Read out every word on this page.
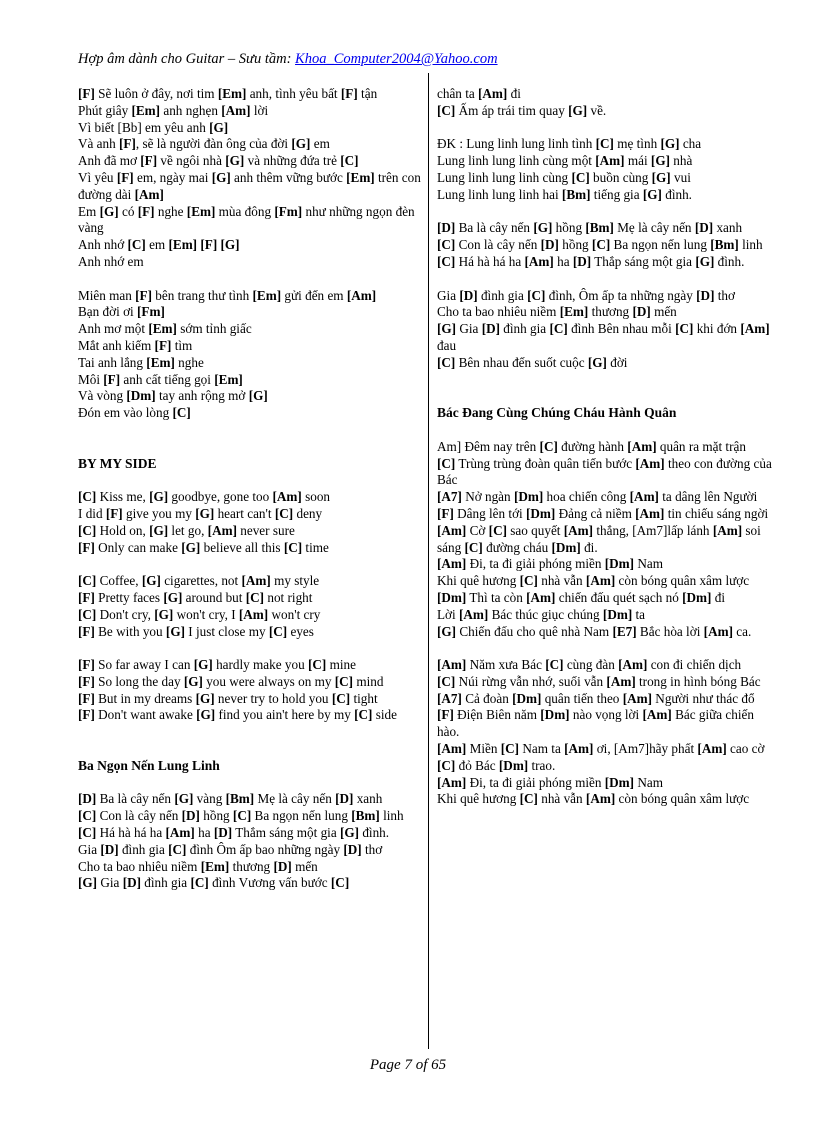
Hợp âm dành cho Guitar – Sưu tầm: Khoa_Computer2004@Yahoo.com
[F] Sẽ luôn ở đây, nơi tim [Em] anh, tình yêu bất [F] tận
Phút giây [Em] anh nghẹn [Am] lời
Vì biết [Bb] em yêu anh [G]
Và anh [F], sẽ là người đàn ông của đời [G] em
Anh đã mơ [F] về ngôi nhà [G] và những đứa trẻ [C]
Vì yêu [F] em, ngày mai [G] anh thêm vững bước [Em] trên con đường dài [Am]
Em [G] có [F] nghe [Em] mùa đông [Fm] như những ngọn đèn vàng
Anh nhớ [C] em [Em] [F] [G]
Anh nhớ em
Miên man [F] bên trang thư tình [Em] gửi đến em [Am]
Bạn đời ơi [Fm]
Anh mơ một [Em] sớm tỉnh giấc
Mắt anh kiếm [F] tìm
Tai anh lắng [Em] nghe
Môi [F] anh cất tiếng gọi [Em]
Và vòng [Dm] tay anh rộng mở [G]
Đón em vào lòng [C]
BY MY SIDE
[C] Kiss me, [G] goodbye, gone too [Am] soon
I did [F] give you my [G] heart can't [C] deny
[C] Hold on, [G] let go, [Am] never sure
[F] Only can make [G] believe all this [C] time
[C] Coffee, [G] cigarettes, not [Am] my style
[F] Pretty faces [G] around but [C] not right
[C] Don't cry, [G] won't cry, I [Am] won't cry
[F] Be with you [G] I just close my [C] eyes
[F] So far away I can [G] hardly make you [C] mine
[F] So long the day [G] you were always on my [C] mind
[F] But in my dreams [G] never try to hold you [C] tight
[F] Don't want awake [G] find you ain't here by my [C] side
Ba Ngọn Nến Lung Linh
[D] Ba là cây nến [G] vàng [Bm] Mẹ là cây nến [D] xanh
[C] Con là cây nến [D] hồng [C] Ba ngọn nến lung [Bm] linh
[C] Há hà há ha [Am] ha [D] Thắm sáng một gia [G] đình.
Gia [D] đình gia [C] đình Ôm ấp bao những ngày [D] thơ
Cho ta bao nhiêu niềm [Em] thương [D] mến
[G] Gia [D] đình gia [C] đình Vương vấn bước [C]
chân ta [Am] đi
[C] Ấm áp trái tim quay [G] về.
ĐK : Lung linh lung linh tình [C] mẹ tình [G] cha
Lung linh lung linh cùng một [Am] mái [G] nhà
Lung linh lung linh cùng [C] buồn cùng [G] vui
Lung linh lung linh hai [Bm] tiếng gia [G] đình.
[D] Ba là cây nến [G] hồng [Bm] Mẹ là cây nến [D] xanh
[C] Con là cây nến [D] hồng [C] Ba ngọn nến lung [Bm] linh
[C] Há hà há ha [Am] ha [D] Thắp sáng một gia [G] đình.
Gia [D] đình gia [C] đình, Ôm ấp ta những ngày [D] thơ
Cho ta bao nhiêu niềm [Em] thương [D] mến
[G] Gia [D] đình gia [C] đình Bên nhau mỗi [C] khi đớn [Am] đau
[C] Bên nhau đến suốt cuộc [G] đời
Bác Đang Cùng Chúng Cháu Hành Quân
Am] Đêm nay trên [C] đường hành [Am] quân ra mặt trận
[C] Trùng trùng đoàn quân tiến bước [Am] theo con đường của Bác
[A7] Nở ngàn [Dm] hoa chiến công [Am] ta dâng lên Người
[F] Dâng lên tới [Dm] Đảng cả niềm [Am] tin chiếu sáng ngời
[Am] Cờ [C] sao quyết [Am] thắng, [Am7]lấp lánh [Am] soi sáng [C] đường cháu [Dm] đi.
[Am] Đi, ta đi giải phóng miền [Dm] Nam
Khi quê hương [C] nhà vẫn [Am] còn bóng quân xâm lược
[Dm] Thì ta còn [Am] chiến đấu quét sạch nó [Dm] đi
Lời [Am] Bác thúc giục chúng [Dm] ta
[G] Chiến đấu cho quê nhà Nam [E7] Bắc hòa lời [Am] ca.
[Am] Năm xưa Bác [C] cùng đàn [Am] con đi chiến dịch
[C] Núi rừng vẫn nhớ, suối vẫn [Am] trong in hình bóng Bác
[A7] Cả đoàn [Dm] quân tiến theo [Am] Người như thác đổ
[F] Điện Biên năm [Dm] nào vọng lời [Am] Bác giữa chiến hào.
[Am] Miền [C] Nam ta [Am] ơi, [Am7]hãy phất [Am] cao cờ [C] đỏ Bác [Dm] trao.
[Am] Đi, ta đi giải phóng miền [Dm] Nam
Khi quê hương [C] nhà vẫn [Am] còn bóng quân xâm lược
Page 7 of 65
